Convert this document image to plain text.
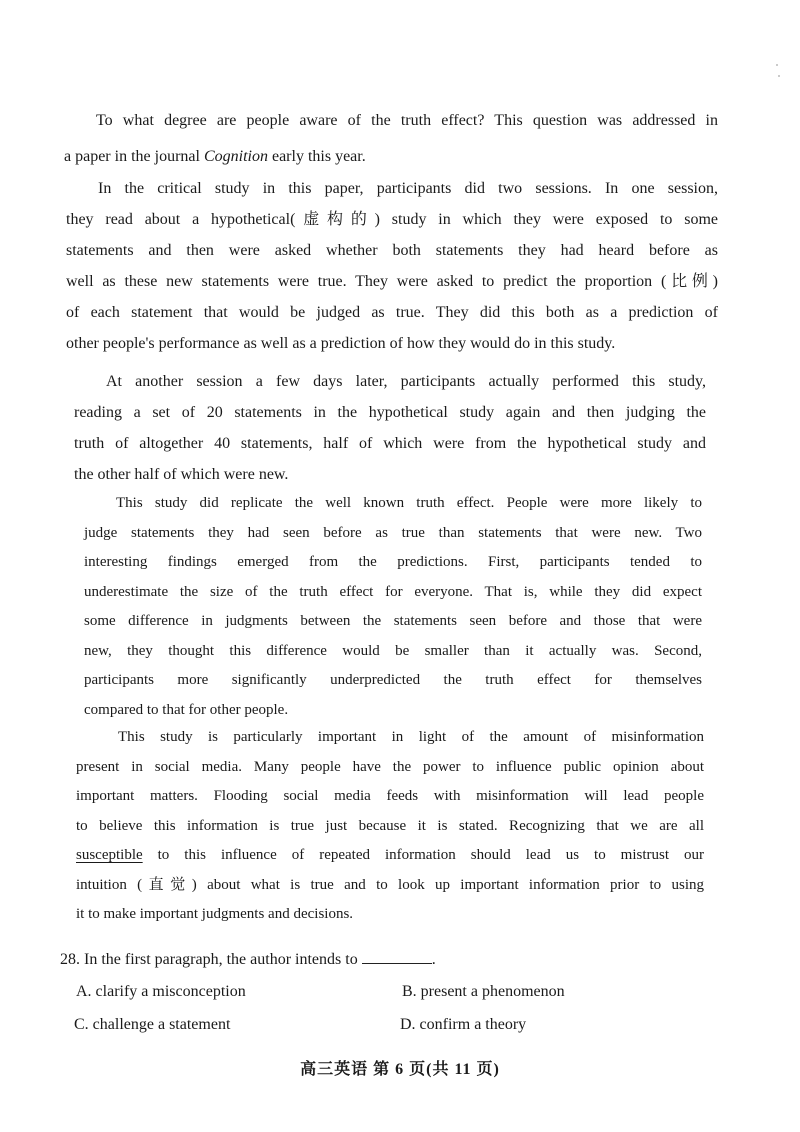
To what degree are people aware of the truth effect? This question was addressed in
a paper in the journal Cognition early this year.
In the critical study in this paper, participants did two sessions. In one session,
they read about a hypothetical(虚构的) study in which they were exposed to some
statements and then were asked whether both statements they had heard before as
well as these new statements were true. They were asked to predict the proportion (比例)
of each statement that would be judged as true. They did this both as a prediction of
other people's performance as well as a prediction of how they would do in this study.
At another session a few days later, participants actually performed this study,
reading a set of 20 statements in the hypothetical study again and then judging the
truth of altogether 40 statements, half of which were from the hypothetical study and
the other half of which were new.
This study did replicate the well known truth effect. People were more likely to
judge statements they had seen before as true than statements that were new. Two
interesting findings emerged from the predictions. First, participants tended to
underestimate the size of the truth effect for everyone. That is, while they did expect
some difference in judgments between the statements seen before and those that were
new, they thought this difference would be smaller than it actually was. Second,
participants more significantly underpredicted the truth effect for themselves
compared to that for other people.
This study is particularly important in light of the amount of misinformation
present in social media. Many people have the power to influence public opinion about
important matters. Flooding social media feeds with misinformation will lead people
to believe this information is true just because it is stated. Recognizing that we are all
susceptible to this influence of repeated information should lead us to mistrust our
intuition (直觉) about what is true and to look up important information prior to using
it to make important judgments and decisions.
28. In the first paragraph, the author intends to	.
A. clarify a misconception	B. present a phenomenon
C. challenge a statement	D. confirm a theory
高三英语 第 6 页(共 11 页)
